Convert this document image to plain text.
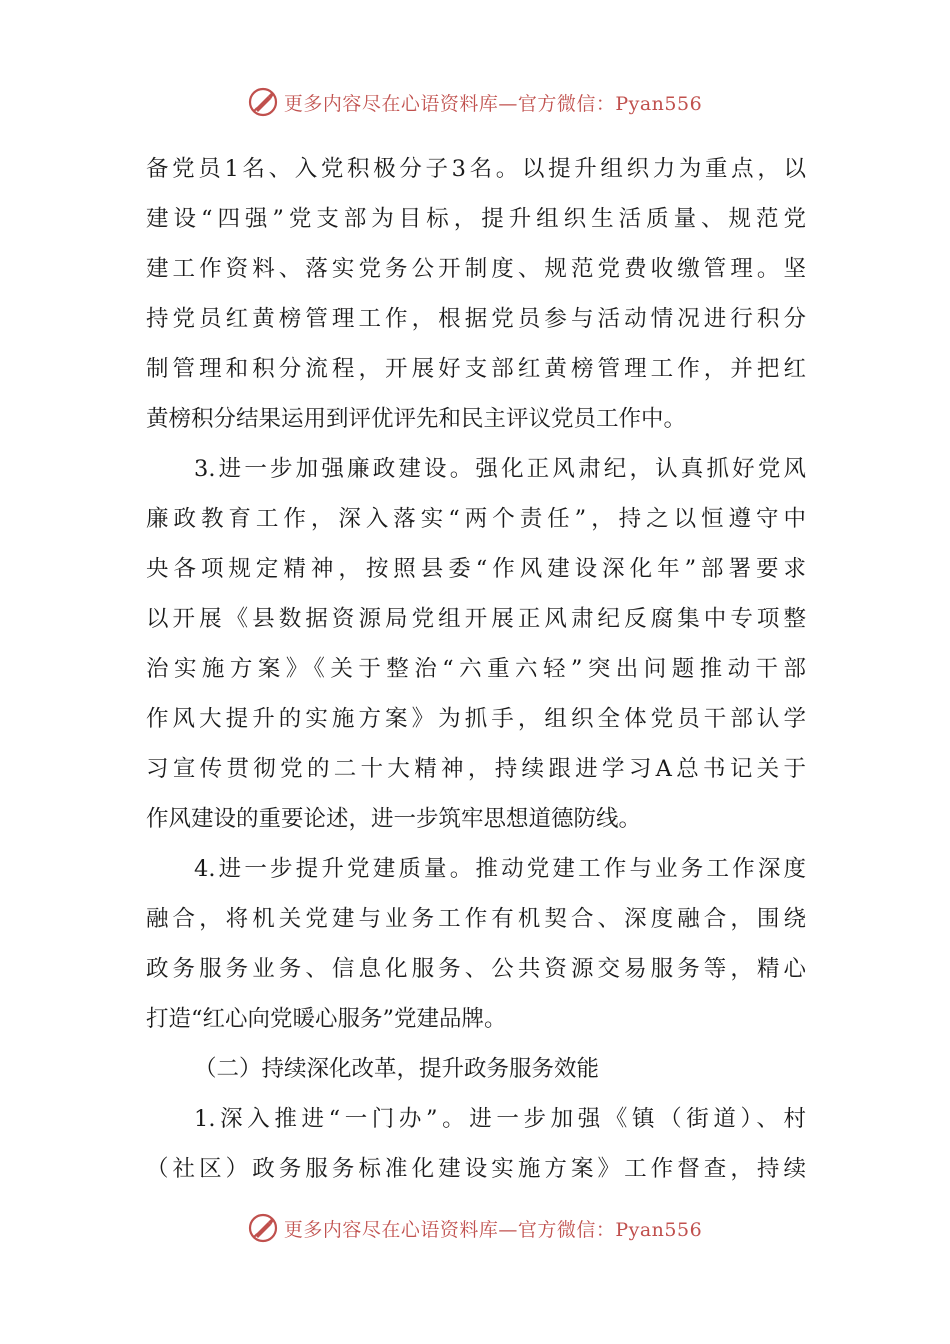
更多内容尽在心语资料库—官方微信：Pyan556
备党员1名、入党积极分子3名。以提升组织力为重点，以
建设“四强”党支部为目标，提升组织生活质量、规范党
建工作资料、落实党务公开制度、规范党费收缴管理。坚
持党员红黄榜管理工作，根据党员参与活动情况进行积分
制管理和积分流程，开展好支部红黄榜管理工作，并把红
黄榜积分结果运用到评优评先和民主评议党员工作中。
3.进一步加强廉政建设。强化正风肃纪，认真抓好党风
廉政教育工作，深入落实“两个责任”，持之以恒遵守中
央各项规定精神，按照县委“作风建设深化年”部署要求
以开展《县数据资源局党组开展正风肃纪反腐集中专项整
治实施方案》《关于整治“六重六轻”突出问题推动干部
作风大提升的实施方案》为抓手，组织全体党员干部认学
习宣传贯彻党的二十大精神，持续跟进学习A总书记关于
作风建设的重要论述，进一步筑牢思想道德防线。
4.进一步提升党建质量。推动党建工作与业务工作深度
融合，将机关党建与业务工作有机契合、深度融合，围绕
政务服务业务、信息化服务、公共资源交易服务等，精心
打造“红心向党暖心服务”党建品牌。
（二）持续深化改革，提升政务服务效能
1.深入推进“一门办”。进一步加强《镇（街道）、村
（社区）政务服务标准化建设实施方案》工作督查，持续
更多内容尽在心语资料库—官方微信：Pyan556
